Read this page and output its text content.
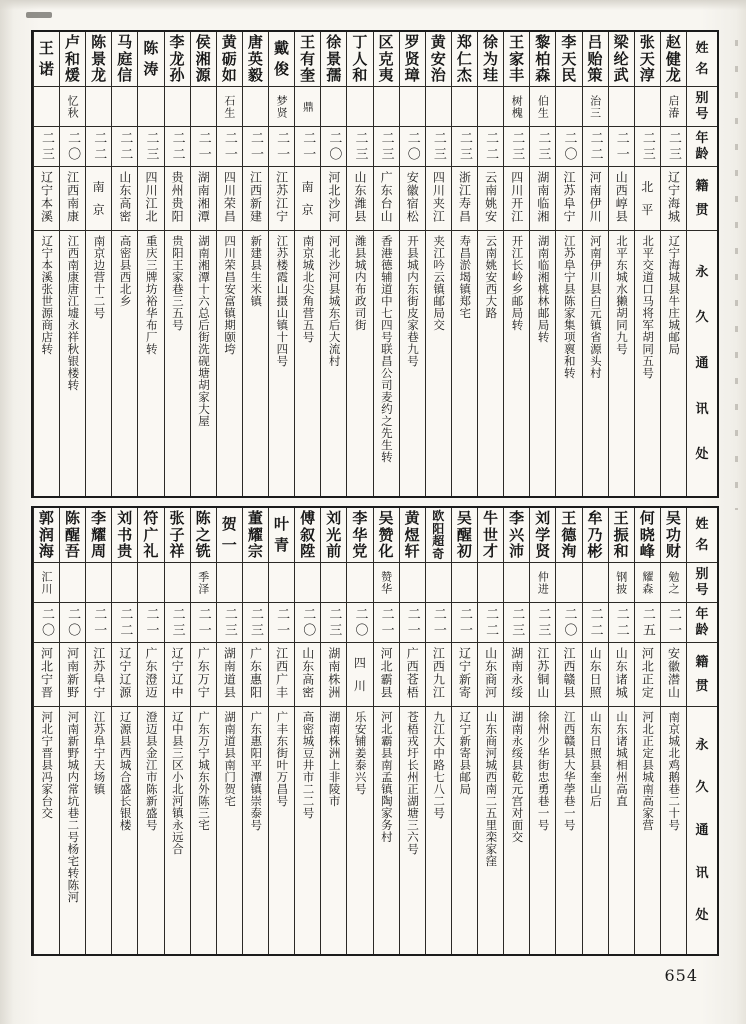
姓
名
别
号
年
龄
籍
贯
永
久
通
讯
处
赵
健
龙
启湷
二三
辽宁海城
辽宁海城县牛庄城邮局
张
天
淳
二三
北
平
北平交道口马将军胡同五号
梁
纶
武
二一
山西崞县
北平东城水獭胡同九号
吕
贻
策
治三
二二
河南伊川
河南伊川县白元镇省源头村
李
天
民
二〇
江苏阜宁
江苏阜宁县陈家集项褱和转
黎
柏
森
伯生
二三
湖南临湘
湖南临湘桃林邮局转
王
家
丰
树槐
二三
四川开江
开江长岭乡邮局转
徐
为
珪
二二
云南姚安
云南姚安西大路
郑
仁
杰
二三
浙江寿昌
寿昌淤堨镇郑宅
黄
安
治
二三
四川夹江
夹江吟云镇邮局交
罗
贤
璋
二〇
安徽宿松
开县城内东街皮家巷九号
区
克
夷
二三
广东台山
香港德辅道中七四号联昌公司麦约之先生转
丁
人
和
二三
山东潍县
潍县城内布政司街
徐
景
孺
二〇
河北沙河
河北沙河县城东后大流村
王
有
奎
鼎
二一
南
京
南京城北尖角营五号
戴
俊
梦贤
二一
江苏江宁
江苏楼霞山摄山镇十四号
唐
英
毅
二一
江西新建
新建县生米镇
黄
砺
如
石生
二一
四川荣昌
四川荣昌安富镇期颐垮
侯
湘
源
二一
湖南湘潭
湖南湘潭十六总后街洗砚塘胡家大屋
李
龙
孙
二二
贵州贵阳
贵阳王家巷三五号
陈
涛
二三
四川江北
重庆三牌坊裕华布厂转
马
庭
信
二二
山东高密
高密县西北乡
陈
景
龙
二二
南
京
南京边营十二号
卢
和
煖
忆秋
二〇
江西南康
江西南康唐江墟永祥秋银楼转
王
诺
二三
辽宁本溪
辽宁本溪张世源商店转
姓
名
别
号
年
龄
籍
贯
永
久
通
讯
处
吴
功
财
勉之
二一
安徽潜山
南京城北鸡鹅巷二十号
何
晓
峰
耀森
二五
河北正定
河北正定县城南高家营
王
振
和
钢披
二二
山东诸城
山东诸城相州高直
牟
乃
彬
二二
山东日照
山东日照县奎山后
王
德
洵
二〇
江西赣县
江西赣县大华荸巷一号
刘
学
贤
仲进
二三
江苏铜山
徐州少华街忠勇巷一号
李
兴
沛
二三
湖南永绥
湖南永绥县乾元宫对面交
牛
世
才
二二
山东商河
山东商河城西南二五里栾家窪
吴
醒
初
二一
辽宁新寄
辽宁新寄县邮局
欧
阳
超
奇
二一
江西九江
九江大中路七八二号
黄
煜
轩
二一
广西苍梧
苍梧戎圩长州正湖塘三六号
吴
赞
化
赞华
二一
河北霸县
河北霸县南孟镇陶家务村
李
华
党
二〇
四
川
乐安铺姜泰兴号
刘
光
前
二三
湖南株洲
湖南株洲上非陵市
傅
叙
陞
二〇
山东高密
高密城豆井市二二号
叶
青
二一
江西广丰
广丰东街叶万昌号
董
耀
宗
二三
广东惠阳
广东惠阳平潭镇崇泰号
贺
一
二三
湖南道县
湖南道县南门贺宅
陈
之
铣
季泽
二一
广东万宁
广东万宁城东外陈三宅
张
子
祥
二三
辽宁辽中
辽中县三区小北河镇永远合
符
广
礼
二一
广东澄迈
澄迈县金江市陈新盛号
刘
书
贵
二二
辽宁辽源
辽源县西城合盛长银楼
李
耀
周
二一
江苏阜宁
江苏阜宁天场镇
陈
醒
吾
二〇
河南新野
河南新野城内常坑巷二号杨宅转陈河
郭
润
海
汇川
二〇
河北宁晋
河北宁晋县冯家台交
654
